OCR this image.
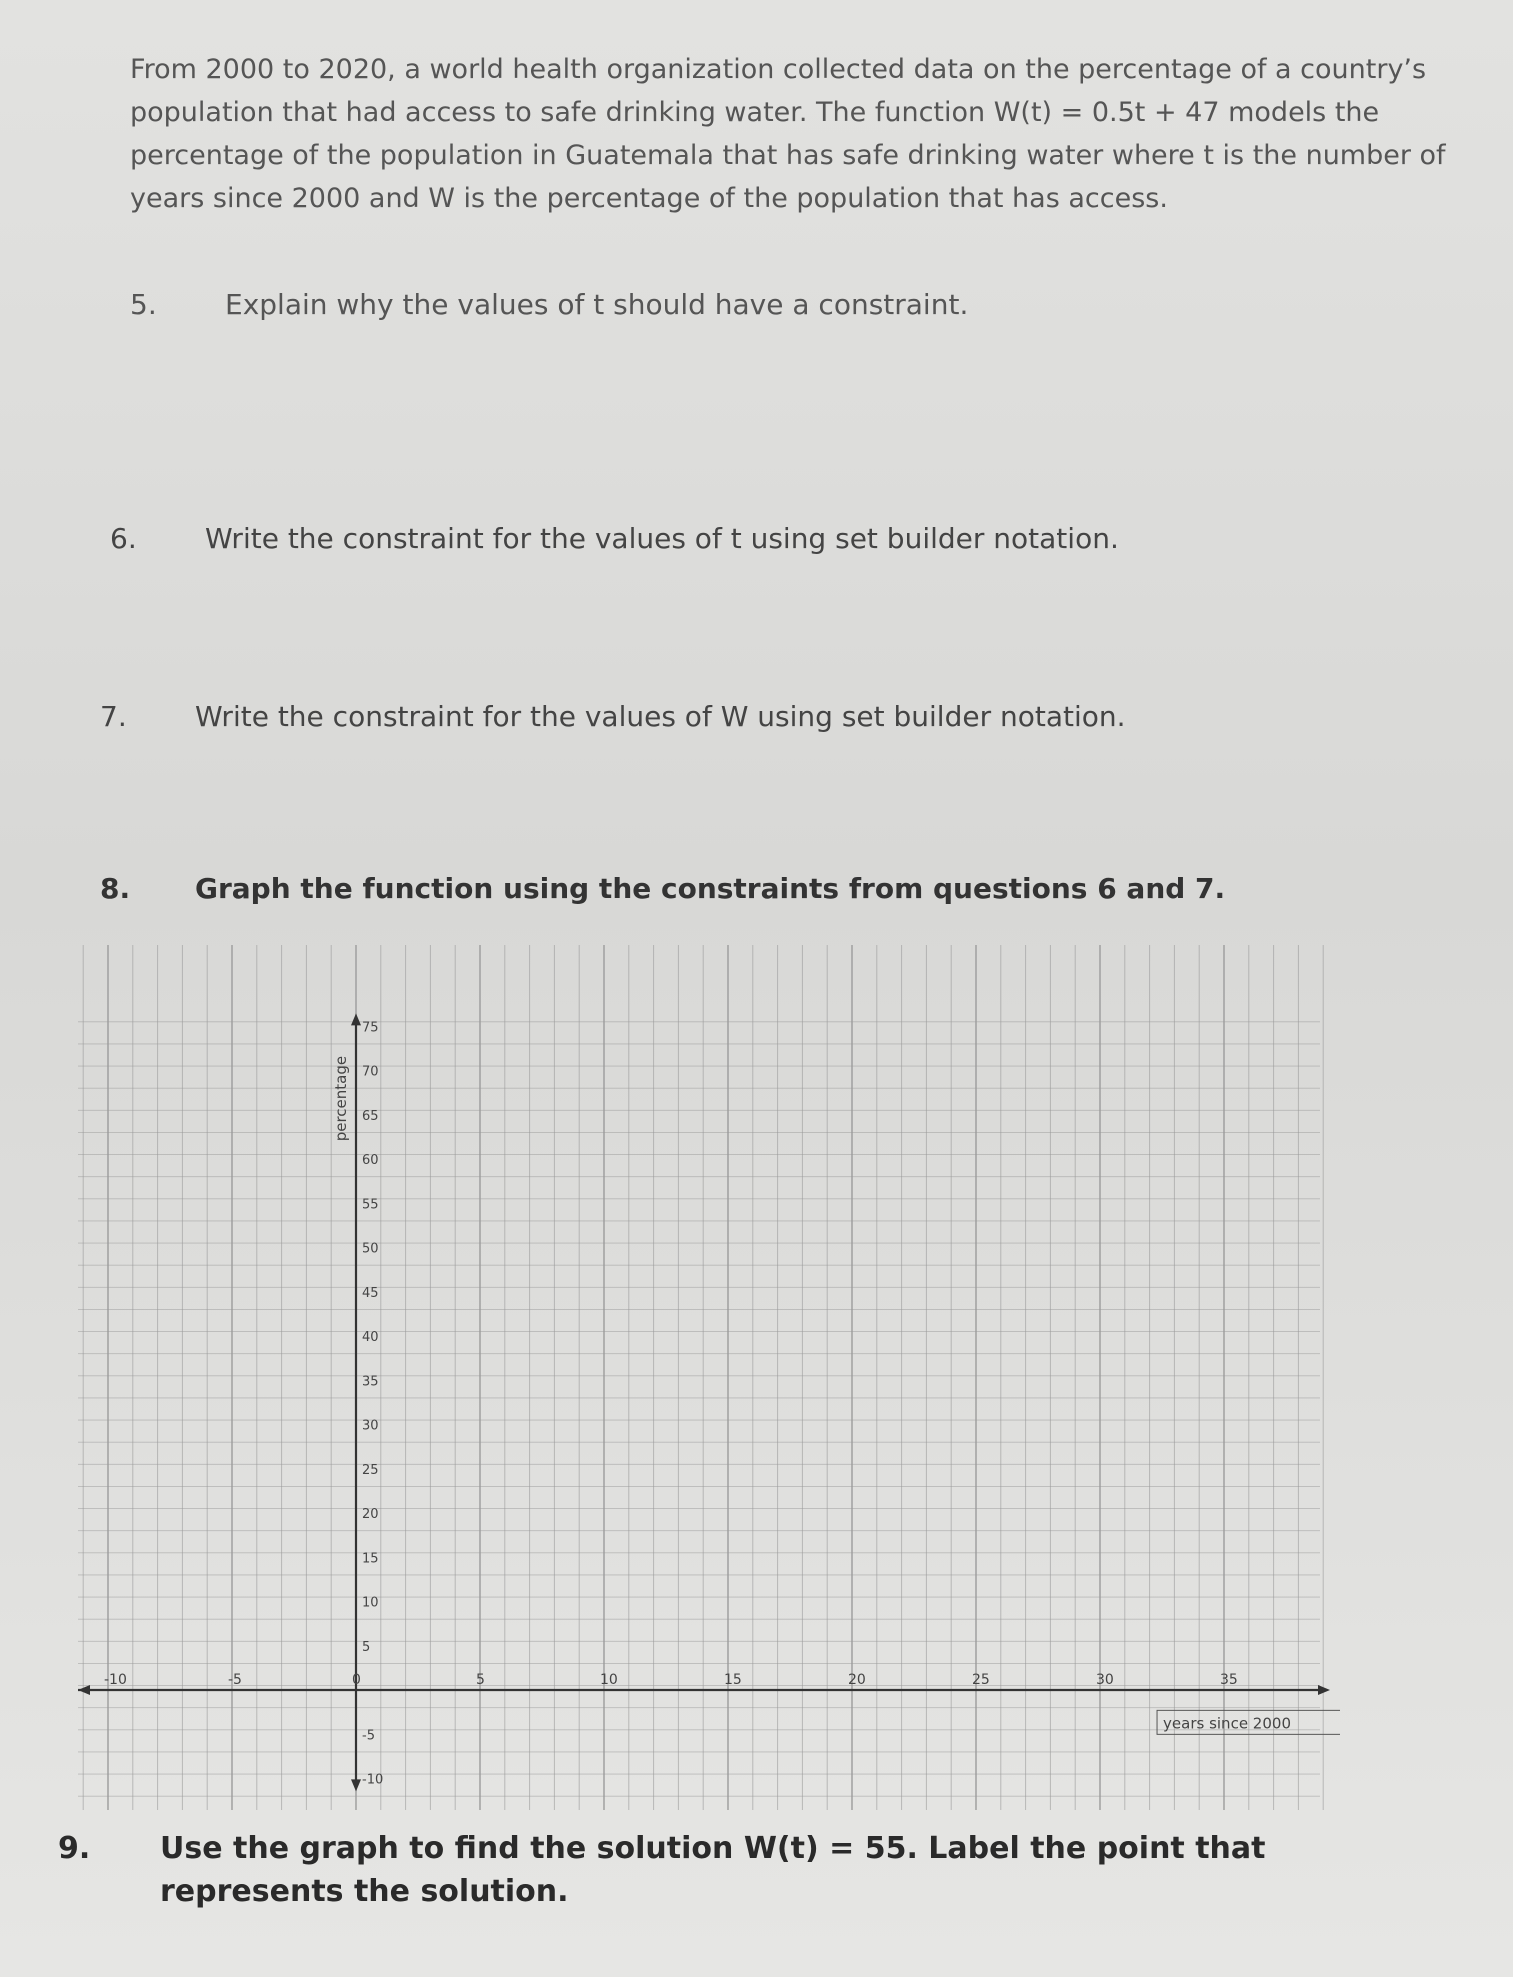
From 2000 to 2020, a world health organization collected data on the percentage of a country’s population that had access to safe drinking water. The function W(t) = 0.5t + 47 models the percentage of the population in Guatemala that has safe drinking water where t is the number of years since 2000 and W is the percentage of the population that has access.
5. Explain why the values of t should have a constraint.
6. Write the constraint for the values of t using set builder notation.
7. Write the constraint for the values of W using set builder notation.
8. Graph the function using the constraints from questions 6 and 7.
-10	-5	0	5	10	15	20	25	30	35
75
70
65
60
55
50
45
40
35
30
25
20
15
10
5
-5
-10
percentage
years since 2000
9. Use the graph to find the solution W(t) = 55. Label the point that
represents the solution.
